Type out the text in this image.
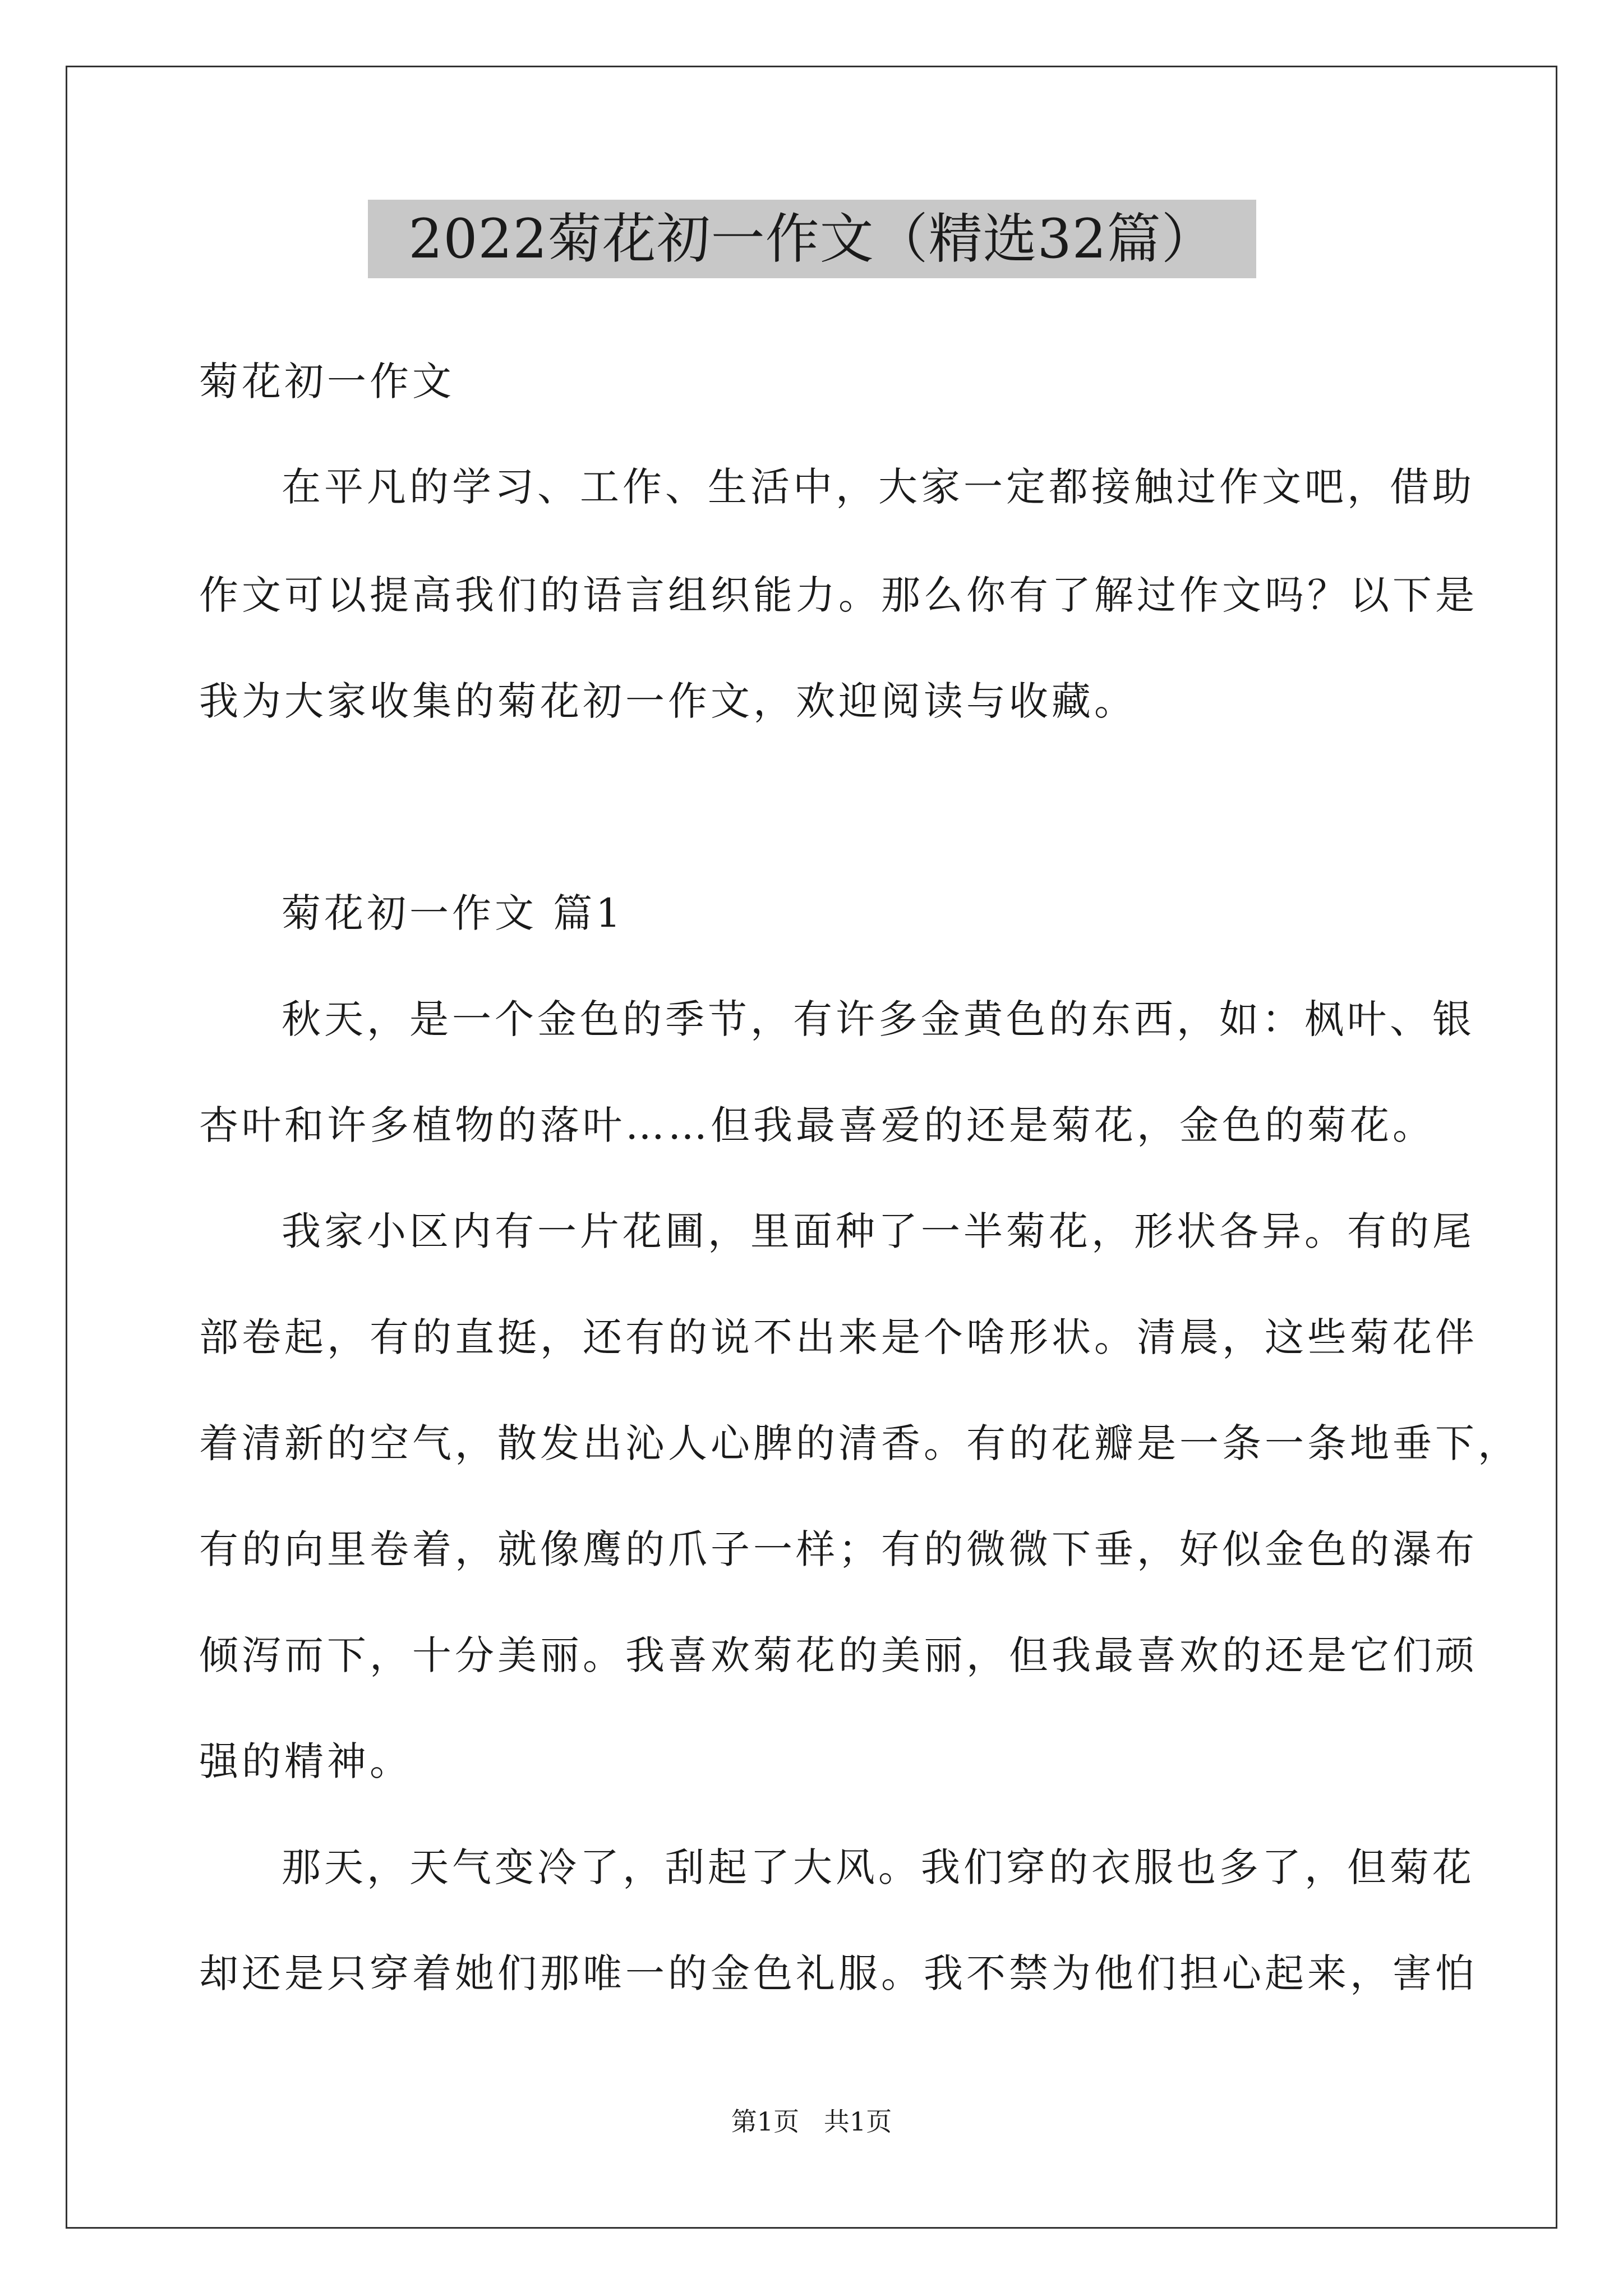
2022菊花初一作文（精选32篇）
菊花初一作文
在平凡的学习、工作、生活中，大家一定都接触过作文吧，借助
作文可以提高我们的语言组织能力。那么你有了解过作文吗？以下是
我为大家收集的菊花初一作文，欢迎阅读与收藏。
菊花初一作文 篇1
秋天，是一个金色的季节，有许多金黄色的东西，如：枫叶、银
杏叶和许多植物的落叶……但我最喜爱的还是菊花，金色的菊花。
我家小区内有一片花圃，里面种了一半菊花，形状各异。有的尾
部卷起，有的直挺，还有的说不出来是个啥形状。清晨，这些菊花伴
着清新的空气，散发出沁人心脾的清香。有的花瓣是一条一条地垂下，
有的向里卷着，就像鹰的爪子一样；有的微微下垂，好似金色的瀑布
倾泻而下，十分美丽。我喜欢菊花的美丽，但我最喜欢的还是它们顽
强的精神。
那天，天气变冷了，刮起了大风。我们穿的衣服也多了，但菊花
却还是只穿着她们那唯一的金色礼服。我不禁为他们担心起来，害怕
第1页   共1页
